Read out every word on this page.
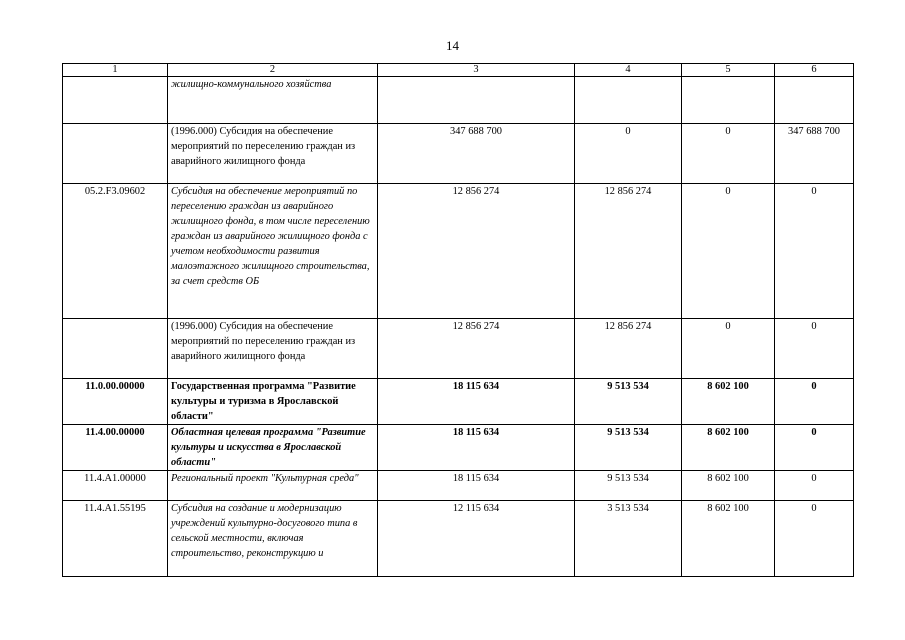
14
1	2	3	4	5	6
	жилищно-коммунального хозяйства				
	(1996.000) Субсидия на обеспечение мероприятий по переселению граждан из аварийного жилищного фонда	347 688 700	0	0	347 688 700
05.2.F3.09602	Субсидия на обеспечение мероприятий по переселению граждан из аварийного жилищного фонда, в том числе переселению граждан из аварийного жилищного фонда с учетом необходимости развития малоэтажного жилищного строительства, за счет средств ОБ	12 856 274	12 856 274	0	0
	(1996.000) Субсидия на обеспечение мероприятий по переселению граждан из аварийного жилищного фонда	12 856 274	12 856 274	0	0
11.0.00.00000	Государственная программа "Развитие культуры и туризма в Ярославской области"	18 115 634	9 513 534	8 602 100	0
11.4.00.00000	Областная целевая программа "Развитие культуры и искусства в Ярославской области"	18 115 634	9 513 534	8 602 100	0
11.4.A1.00000	Региональный проект "Культурная среда"	18 115 634	9 513 534	8 602 100	0
11.4.A1.55195	Субсидия на создание и модернизацию учреждений культурно-досугового типа в сельской местности, включая строительство, реконструкцию и	12 115 634	3 513 534	8 602 100	0
